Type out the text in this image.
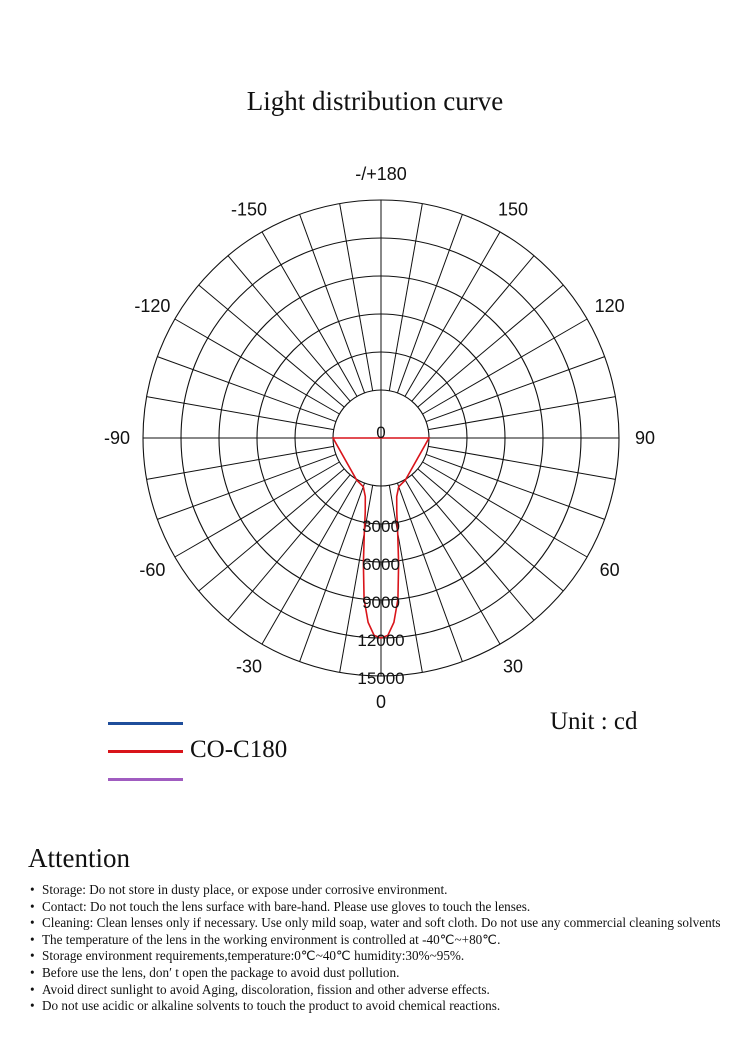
Light distribution curve
0
3000
6000
9000
12000
15000
-/+180
150
120
90
60
30
0
-30
-60
-90
-120
-150
CO-C180
Unit : cd
Attention
• Storage: Do not store in dusty place, or expose under corrosive environment.
• Contact: Do not touch the lens surface with bare-hand. Please use gloves to touch the lenses.
• Cleaning: Clean lenses only if necessary. Use only mild soap, water and soft cloth. Do not use any commercial cleaning solvents
• The temperature of the lens in the working environment is controlled at -40℃~+80℃.
• Storage environment requirements,temperature:0℃~40℃ humidity:30%~95%.
• Before use the lens, don′ t open the package to avoid dust pollution.
• Avoid direct sunlight to avoid Aging, discoloration, fission and other adverse effects.
• Do not use acidic or alkaline solvents to touch the product to avoid chemical reactions.
